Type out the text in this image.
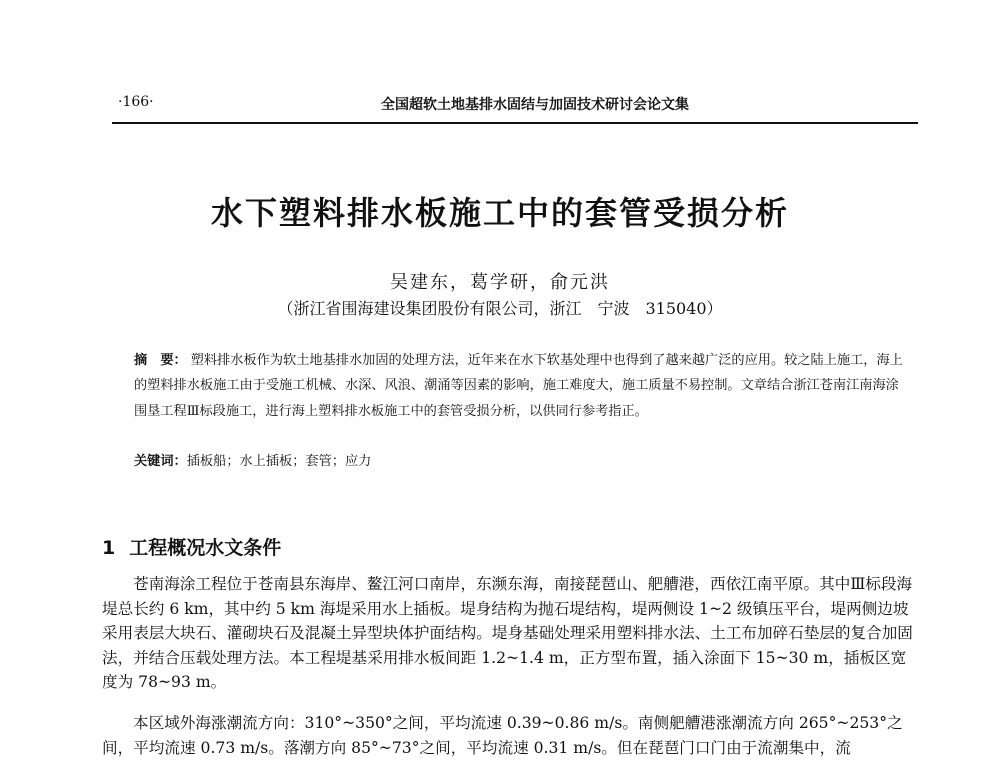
·166·	全国超软土地基排水固结与加固技术研讨会论文集
水下塑料排水板施工中的套管受损分析
吴建东，葛学研，俞元洪
（浙江省围海建设集团股份有限公司，浙江　宁波　315040）

摘　要： 塑料排水板作为软土地基排水加固的处理方法，近年来在水下软基处理中也得到了越来越广泛的应用。较之陆上施工，海上的塑料排水板施工由于受施工机械、水深、风浪、潮涌等因素的影响，施工难度大，施工质量不易控制。文章结合浙江苍南江南海涂围垦工程Ⅲ标段施工，进行海上塑料排水板施工中的套管受损分析，以供同行参考指正。

关键词：插板船；水上插板；套管；应力

1 工程概况水文条件

苍南海涂工程位于苍南县东海岸、鳌江河口南岸，东濒东海，南接琵琶山、舥艚港，西依江南平原。其中Ⅲ标段海堤总长约 6 km，其中约 5 km 海堤采用水上插板。堤身结构为抛石堤结构，堤两侧设 1~2 级镇压平台，堤两侧边坡采用表层大块石、灌砌块石及混凝土异型块体护面结构。堤身基础处理采用塑料排水法、土工布加碎石垫层的复合加固法，并结合压载处理方法。本工程堤基采用排水板间距 1.2~1.4 m，正方型布置，插入涂面下 15~30 m，插板区宽度为 78~93 m。

本区域外海涨潮流方向：310°~350°之间，平均流速 0.39~0.86 m/s。南侧舥艚港涨潮流方向 265°~253°之间，平均流速 0.73 m/s。落潮方向 85°~73°之间，平均流速 0.31 m/s。但在琵琶门口门由于流潮集中，流
